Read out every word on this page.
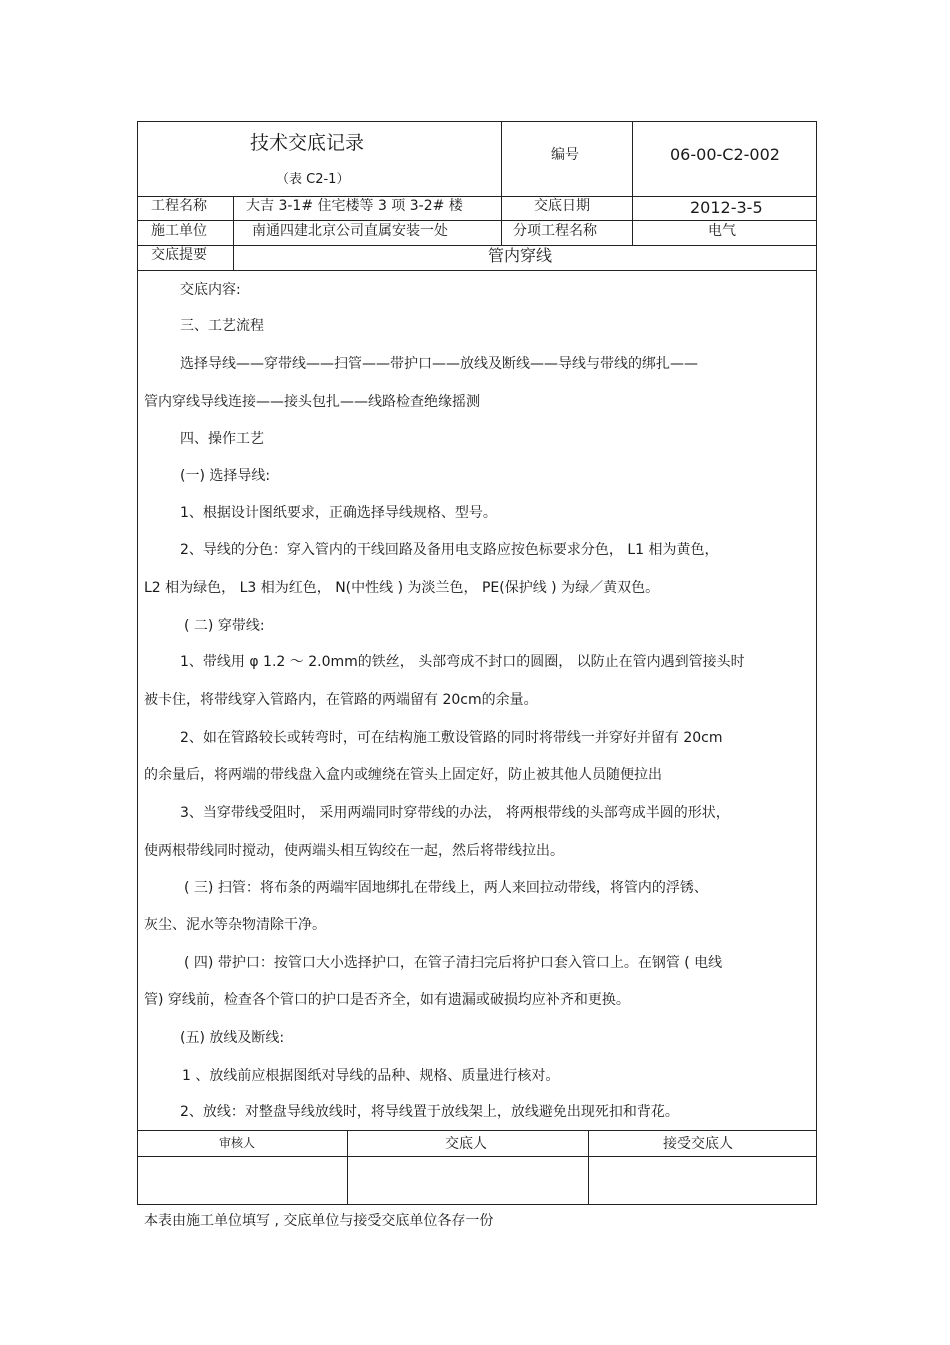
技术交底记录
（表 C2-1）
编号	06-00-C2-002
工程名称	大吉 3-1# 住宅楼等 3 项 3-2# 楼	交底日期	2012-3-5
施工单位	南通四建北京公司直属安装一处	分项工程名称	电气
交底提要	管内穿线
交底内容:
三、工艺流程
选择导线——穿带线——扫管——带护口——放线及断线——导线与带线的绑扎——
管内穿线导线连接——接头包扎——线路检查绝缘摇测
四、操作工艺
(一) 选择导线:
1、根据设计图纸要求，正确选择导线规格、型号。
2、导线的分色：穿入管内的干线回路及备用电支路应按色标要求分色， L1 相为黄色，
L2 相为绿色， L3 相为红色， N(中性线 ) 为淡兰色， PE(保护线 ) 为绿／黄双色。
( 二) 穿带线:
1、带线用 φ 1.2 ～ 2.0mm的铁丝， 头部弯成不封口的圆圈， 以防止在管内遇到管接头时
被卡住，将带线穿入管路内，在管路的两端留有 20cm的余量。
2、如在管路较长或转弯时，可在结构施工敷设管路的同时将带线一并穿好并留有 20cm
的余量后，将两端的带线盘入盒内或缠绕在管头上固定好，防止被其他人员随便拉出
3、当穿带线受阻时， 采用两端同时穿带线的办法， 将两根带线的头部弯成半圆的形状，
使两根带线同时搅动，使两端头相互钩绞在一起，然后将带线拉出。
( 三) 扫管：将布条的两端牢固地绑扎在带线上，两人来回拉动带线，将管内的浮锈、
灰尘、泥水等杂物清除干净。
( 四) 带护口：按管口大小选择护口，在管子清扫完后将护口套入管口上。在钢管 ( 电线
管) 穿线前，检查各个管口的护口是否齐全，如有遗漏或破损均应补齐和更换。
(五) 放线及断线:
1 、放线前应根据图纸对导线的品种、规格、质量进行核对。
2、放线：对整盘导线放线时，将导线置于放线架上，放线避免出现死扣和背花。
审核人	交底人	接受交底人
本表由施工单位填写 , 交底单位与接受交底单位各存一份
